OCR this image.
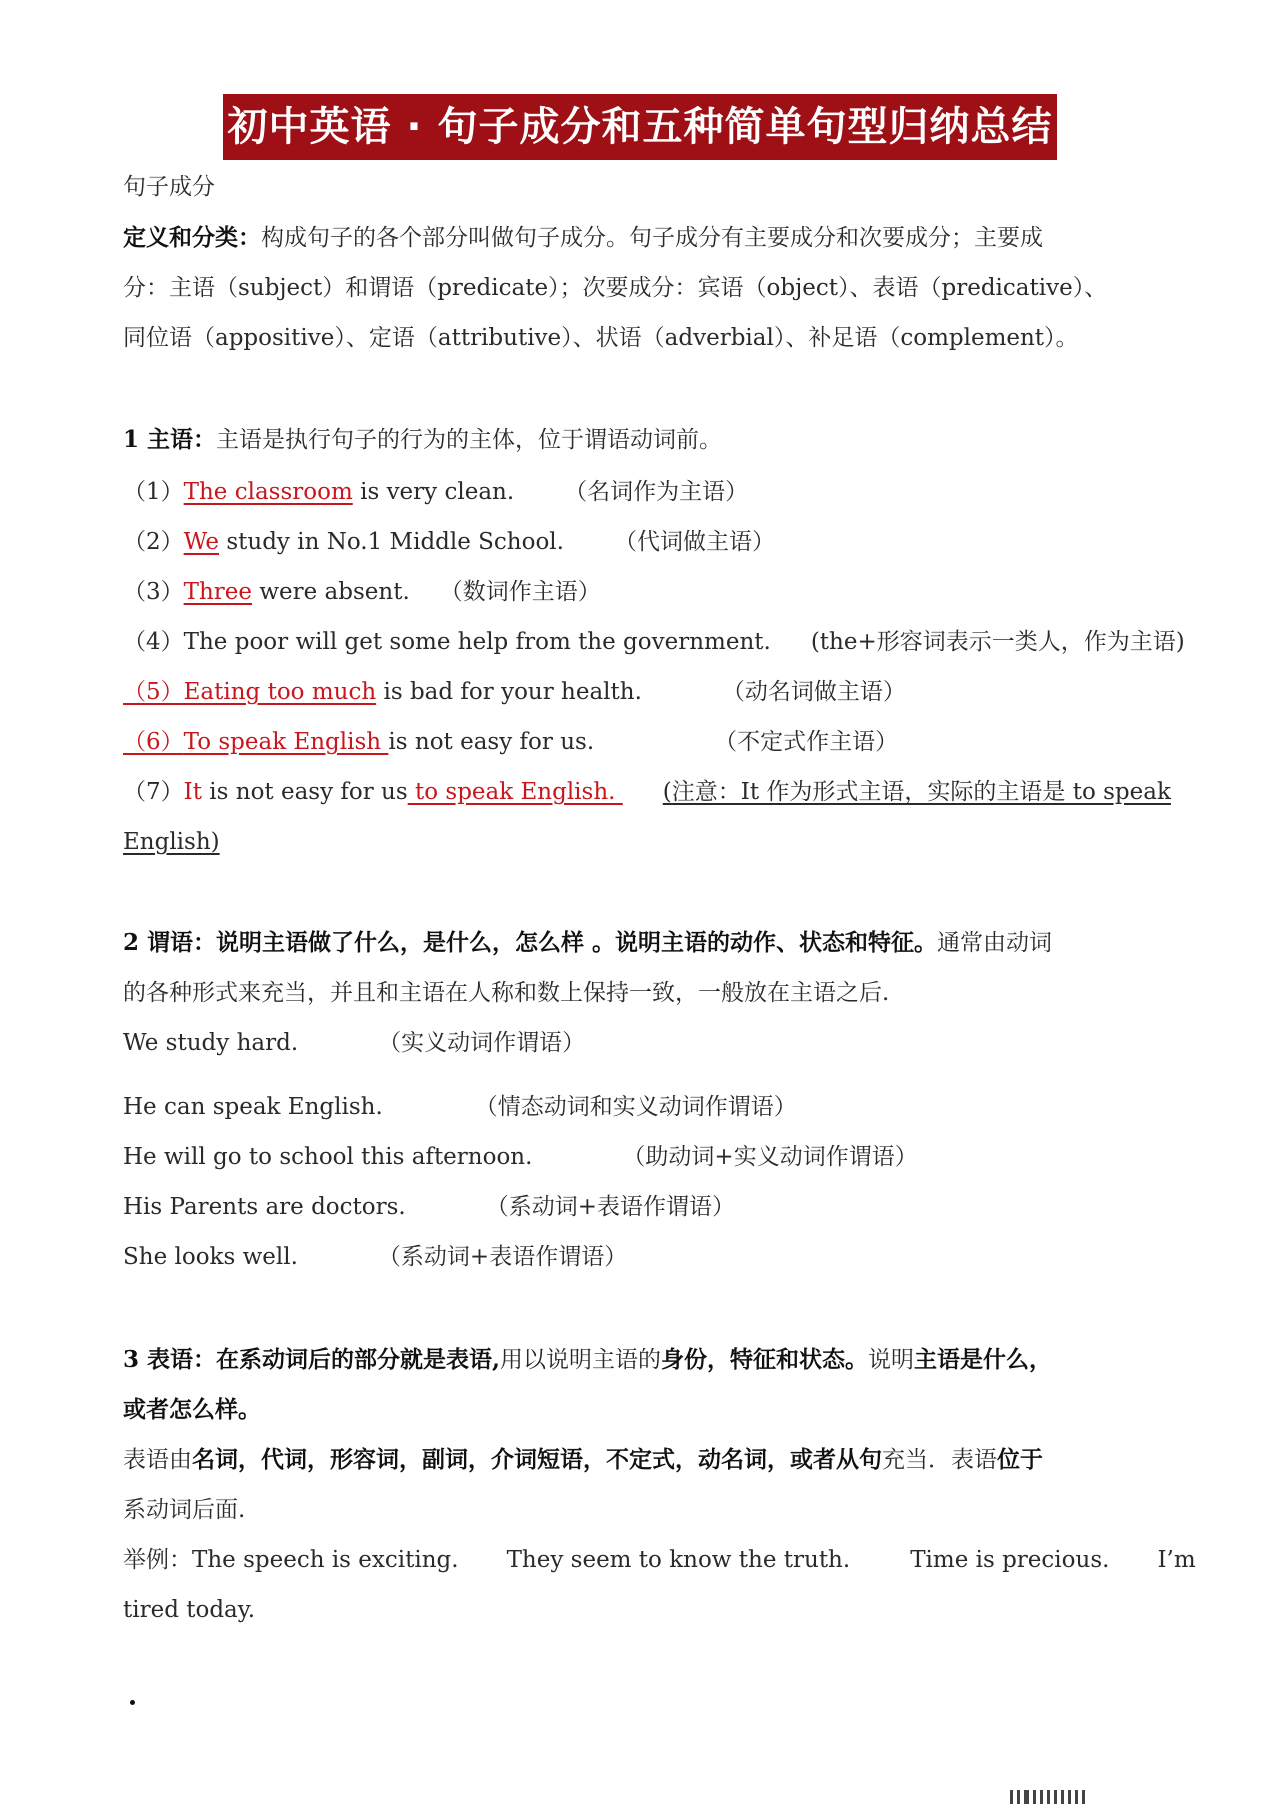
初中英语 · 句子成分和五种简单句型归纳总结
句子成分
定义和分类：构成句子的各个部分叫做句子成分。句子成分有主要成分和次要成分；主要成
分：主语（subject）和谓语（predicate）；次要成分：宾语（object）、表语（predicative）、
同位语（appositive）、定语（attributive）、状语（adverbial）、补足语（complement）。
1 主语：主语是执行句子的行为的主体，位于谓语动词前。
（1）The classroom is very clean. （名词作为主语）
（2）We study in No.1 Middle School. （代词做主语）
（3）Three were absent. （数词作主语）
（4）The poor will get some help from the government. (the+形容词表示一类人，作为主语)
（5）Eating too much is bad for your health.	（动名词做主语）
（6）To speak English is not easy for us.	（不定式作主语）
（7）It is not easy for us to speak English. (注意：It 作为形式主语，实际的主语是 to speak
English)
2 谓语：说明主语做了什么，是什么，怎么样 。说明主语的动作、状态和特征。通常由动词
的各种形式来充当，并且和主语在人称和数上保持一致，一般放在主语之后.
We study hard.	（实义动词作谓语）
He can speak English.	（情态动词和实义动词作谓语）
He will go to school this afternoon.	（助动词+实义动词作谓语）
His Parents are doctors.	（系动词+表语作谓语）
She looks well.	（系动词+表语作谓语）
3 表语：在系动词后的部分就是表语,用以说明主语的身份，特征和状态。说明主语是什么，
或者怎么样。
表语由名词，代词，形容词，副词，介词短语，不定式，动名词，或者从句充当．表语位于
系动词后面.
举例：The speech is exciting. They seem to know the truth.	Time is precious. I’m
tired today.
